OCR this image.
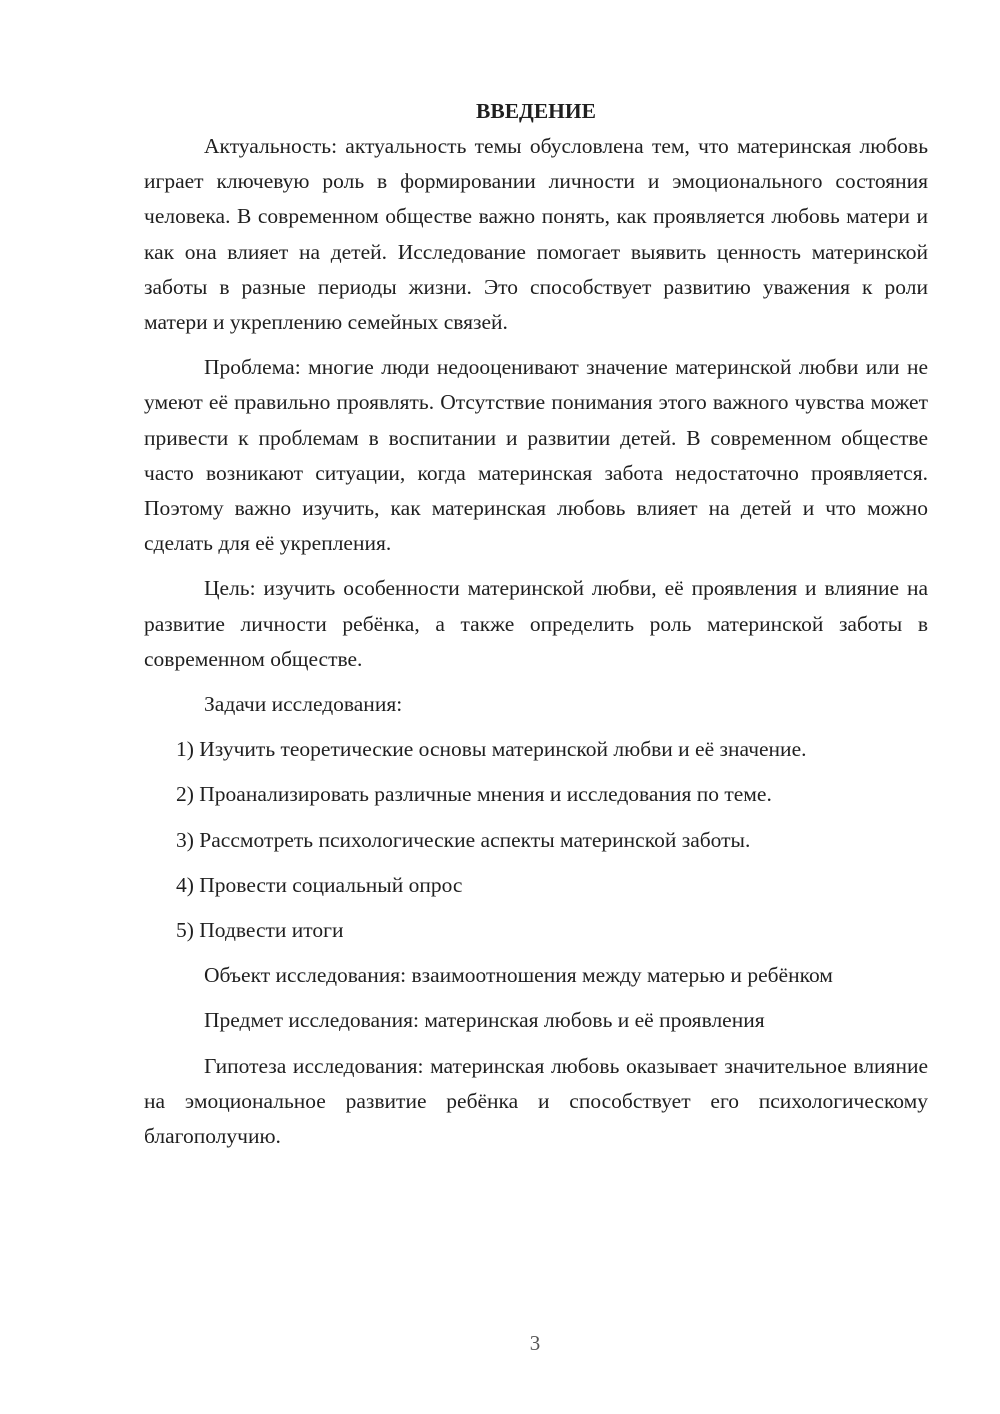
ВВЕДЕНИЕ

Актуальность: актуальность темы обусловлена тем, что материнская любовь играет ключевую роль в формировании личности и эмоционального состояния человека. В современном обществе важно понять, как проявляется любовь матери и как она влияет на детей. Исследование помогает выявить ценность материнской заботы в разные периоды жизни. Это способствует развитию уважения к роли матери и укреплению семейных связей.

Проблема: многие люди недооценивают значение материнской любви или не умеют её правильно проявлять. Отсутствие понимания этого важного чувства может привести к проблемам в воспитании и развитии детей. В современном обществе часто возникают ситуации, когда материнская забота недостаточно проявляется. Поэтому важно изучить, как материнская любовь влияет на детей и что можно сделать для её укрепления.

Цель: изучить особенности материнской любви, её проявления и влияние на развитие личности ребёнка, а также определить роль материнской заботы в современном обществе.

Задачи исследования:

1) Изучить теоретические основы материнской любви и её значение.
2) Проанализировать различные мнения и исследования по теме.
3) Рассмотреть психологические аспекты материнской заботы.
4) Провести социальный опрос
5) Подвести итоги

Объект исследования: взаимоотношения между матерью и ребёнком

Предмет исследования: материнская любовь и её проявления

Гипотеза исследования: материнская любовь оказывает значительное влияние на эмоциональное развитие ребёнка и способствует его психологическому благополучию.

3
